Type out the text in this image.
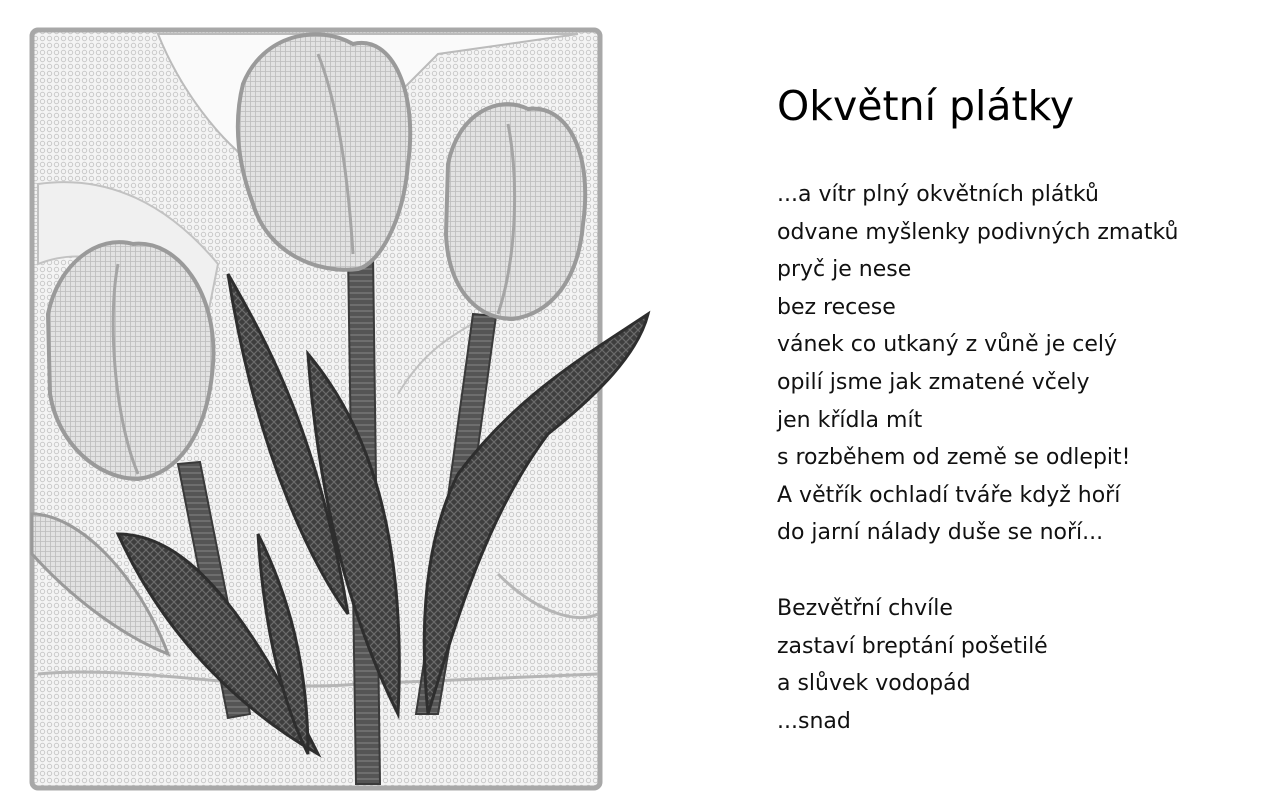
Okvětní plátky
...a vítr plný okvětních plátků
odvane myšlenky podivných zmatků
pryč je nese
bez recese
vánek co utkaný z vůně je celý
opilí jsme jak zmatené včely
jen křídla mít
s rozběhem od země se odlepit!
A větřík ochladí tváře když hoří
do jarní nálady duše se noří...
Bezvětřní chvíle
zastaví breptání pošetilé
a slůvek vodopád
...snad
